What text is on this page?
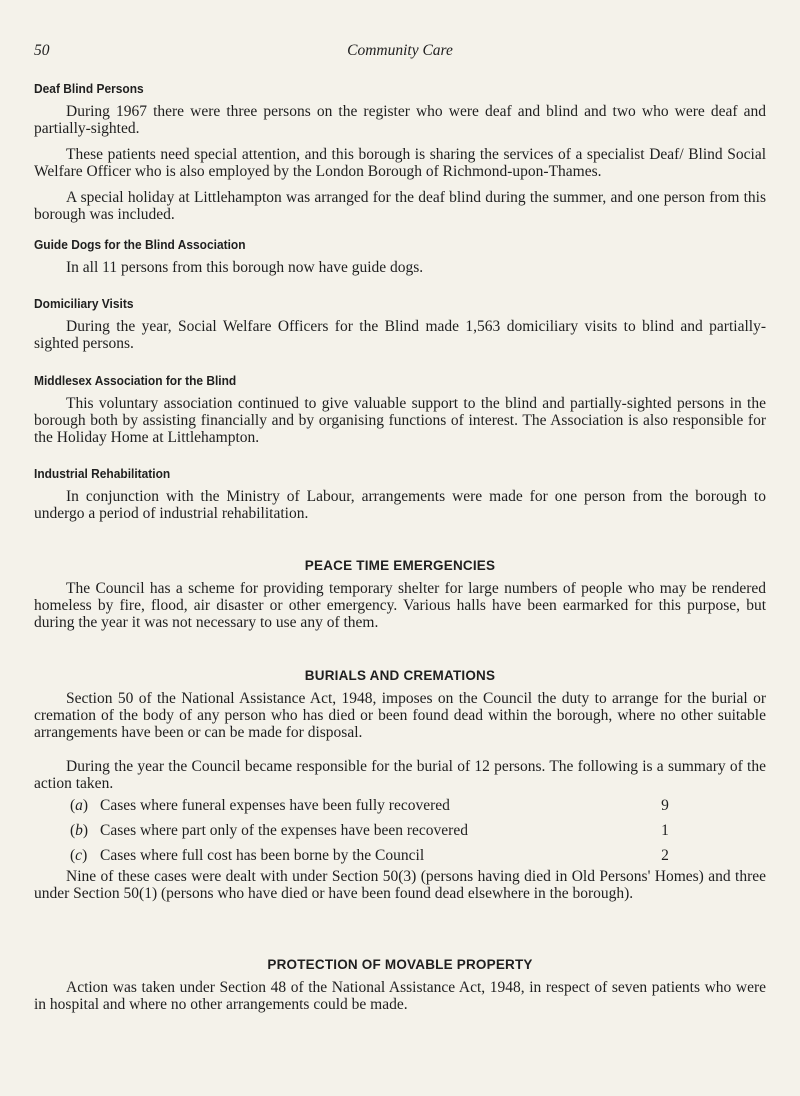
50	Community Care
Deaf Blind Persons
During 1967 there were three persons on the register who were deaf and blind and two who were deaf and partially-sighted.
These patients need special attention, and this borough is sharing the services of a specialist Deaf/ Blind Social Welfare Officer who is also employed by the London Borough of Richmond-upon-Thames.
A special holiday at Littlehampton was arranged for the deaf blind during the summer, and one person from this borough was included.
Guide Dogs for the Blind Association
In all 11 persons from this borough now have guide dogs.
Domiciliary Visits
During the year, Social Welfare Officers for the Blind made 1,563 domiciliary visits to blind and partially-sighted persons.
Middlesex Association for the Blind
This voluntary association continued to give valuable support to the blind and partially-sighted persons in the borough both by assisting financially and by organising functions of interest. The Association is also responsible for the Holiday Home at Littlehampton.
Industrial Rehabilitation
In conjunction with the Ministry of Labour, arrangements were made for one person from the borough to undergo a period of industrial rehabilitation.
PEACE TIME EMERGENCIES
The Council has a scheme for providing temporary shelter for large numbers of people who may be rendered homeless by fire, flood, air disaster or other emergency. Various halls have been earmarked for this purpose, but during the year it was not necessary to use any of them.
BURIALS AND CREMATIONS
Section 50 of the National Assistance Act, 1948, imposes on the Council the duty to arrange for the burial or cremation of the body of any person who has died or been found dead within the borough, where no other suitable arrangements have been or can be made for disposal.
During the year the Council became responsible for the burial of 12 persons. The following is a summary of the action taken.
(a) Cases where funeral expenses have been fully recovered	9
(b) Cases where part only of the expenses have been recovered	1
(c) Cases where full cost has been borne by the Council	2
Nine of these cases were dealt with under Section 50(3) (persons having died in Old Persons' Homes) and three under Section 50(1) (persons who have died or have been found dead elsewhere in the borough).
PROTECTION OF MOVABLE PROPERTY
Action was taken under Section 48 of the National Assistance Act, 1948, in respect of seven patients who were in hospital and where no other arrangements could be made.
